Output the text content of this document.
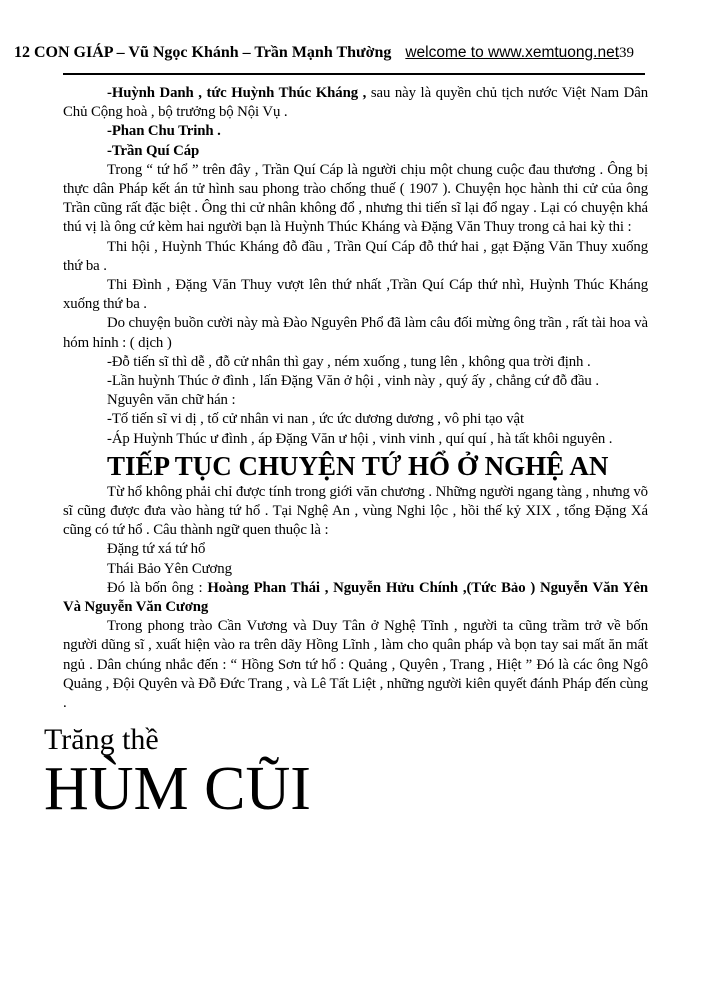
12 CON GIÁP – Vũ Ngọc Khánh – Trần Mạnh Thường welcome to www.xemtuong.net 39

-Huỳnh Danh , tức Huỳnh Thúc Kháng , sau này là quyền chủ tịch nước Việt Nam Dân Chủ Cộng hoà , bộ trưởng bộ Nội Vụ .

-Phan Chu Trinh .

-Trần Quí Cáp

Trong “ tứ hổ ” trên đây , Trần Quí Cáp là người chịu một chung cuộc đau thương . Ông bị thực dân Pháp kết án tử hình sau phong trào chống thuế ( 1907 ). Chuyện học hành thi cử của ông Trần cũng rất đặc biệt . Ông thi cử nhân không đổ , nhưng thi tiến sĩ lại đổ ngay . Lại có chuyện khá thú vị là ông cứ kèm hai người bạn là Huỳnh Thúc Kháng và Đặng Văn Thuy trong cả hai kỳ thi :

Thi hội , Huỳnh Thúc Kháng đỗ đầu , Trần Quí Cáp đỗ thứ hai , gạt Đặng Văn Thuy xuống thứ ba .

Thi Đình , Đặng Văn Thuy vượt lên thứ nhất ,Trần Quí Cáp thứ nhì, Huỳnh Thúc Kháng xuống thứ ba .

Do chuyện buồn cười này mà Đào Nguyên Phổ đã làm câu đối mừng ông trần , rất tài hoa và hóm hỉnh : ( dịch )

-Đỗ tiến sĩ thì dễ , đỗ cử nhân thì gay , ném xuống , tung lên , không qua trời định .

-Lần huỳnh Thúc ở đình , lấn Đặng Văn ở hội , vinh này , quý ấy , chẳng cứ đỗ đầu .

Nguyên văn chữ hán :

-Tố tiến sĩ vi dị , tố cử nhân vi nan , ức ức dương dương , vô phi tạo vật

-Áp Huỳnh Thúc ư đình , áp Đặng Văn ư hội , vinh vinh , quí quí , hà tất khôi nguyên .

TIẾP TỤC CHUYỆN TỨ HỔ Ở NGHỆ AN

Từ hổ không phải chỉ được tính trong giới văn chương . Những người ngang tàng , nhưng võ sĩ cũng được đưa vào hàng tứ hổ . Tại Nghệ An , vùng Nghi lộc , hồi thế kỷ XIX , tổng Đặng Xá cũng có tứ hổ . Câu thành ngữ quen thuộc là :

Đặng tứ xá tứ hổ

Thái Bảo Yên Cương

Đó là bốn ông : Hoàng Phan Thái , Nguyễn Hửu Chính ,(Tức Bảo ) Nguyễn Văn Yên Và Nguyễn Văn Cương

Trong phong trào Cần Vương và Duy Tân ở Nghệ Tĩnh , người ta cũng trầm trở về bốn người dũng sĩ , xuất hiện vào ra trên dãy Hồng Lĩnh , làm cho quân pháp và bọn tay sai mất ăn mất ngủ . Dân chúng nhắc đến : “ Hồng Sơn tứ hổ : Quảng , Quyên , Trang , Hiệt ” Đó là các ông Ngô Quảng , Đội Quyên và Đỗ Đức Trang , và Lê Tất Liệt , những người kiên quyết đánh Pháp đến cùng .

Trăng thề
HÙM CŨI
